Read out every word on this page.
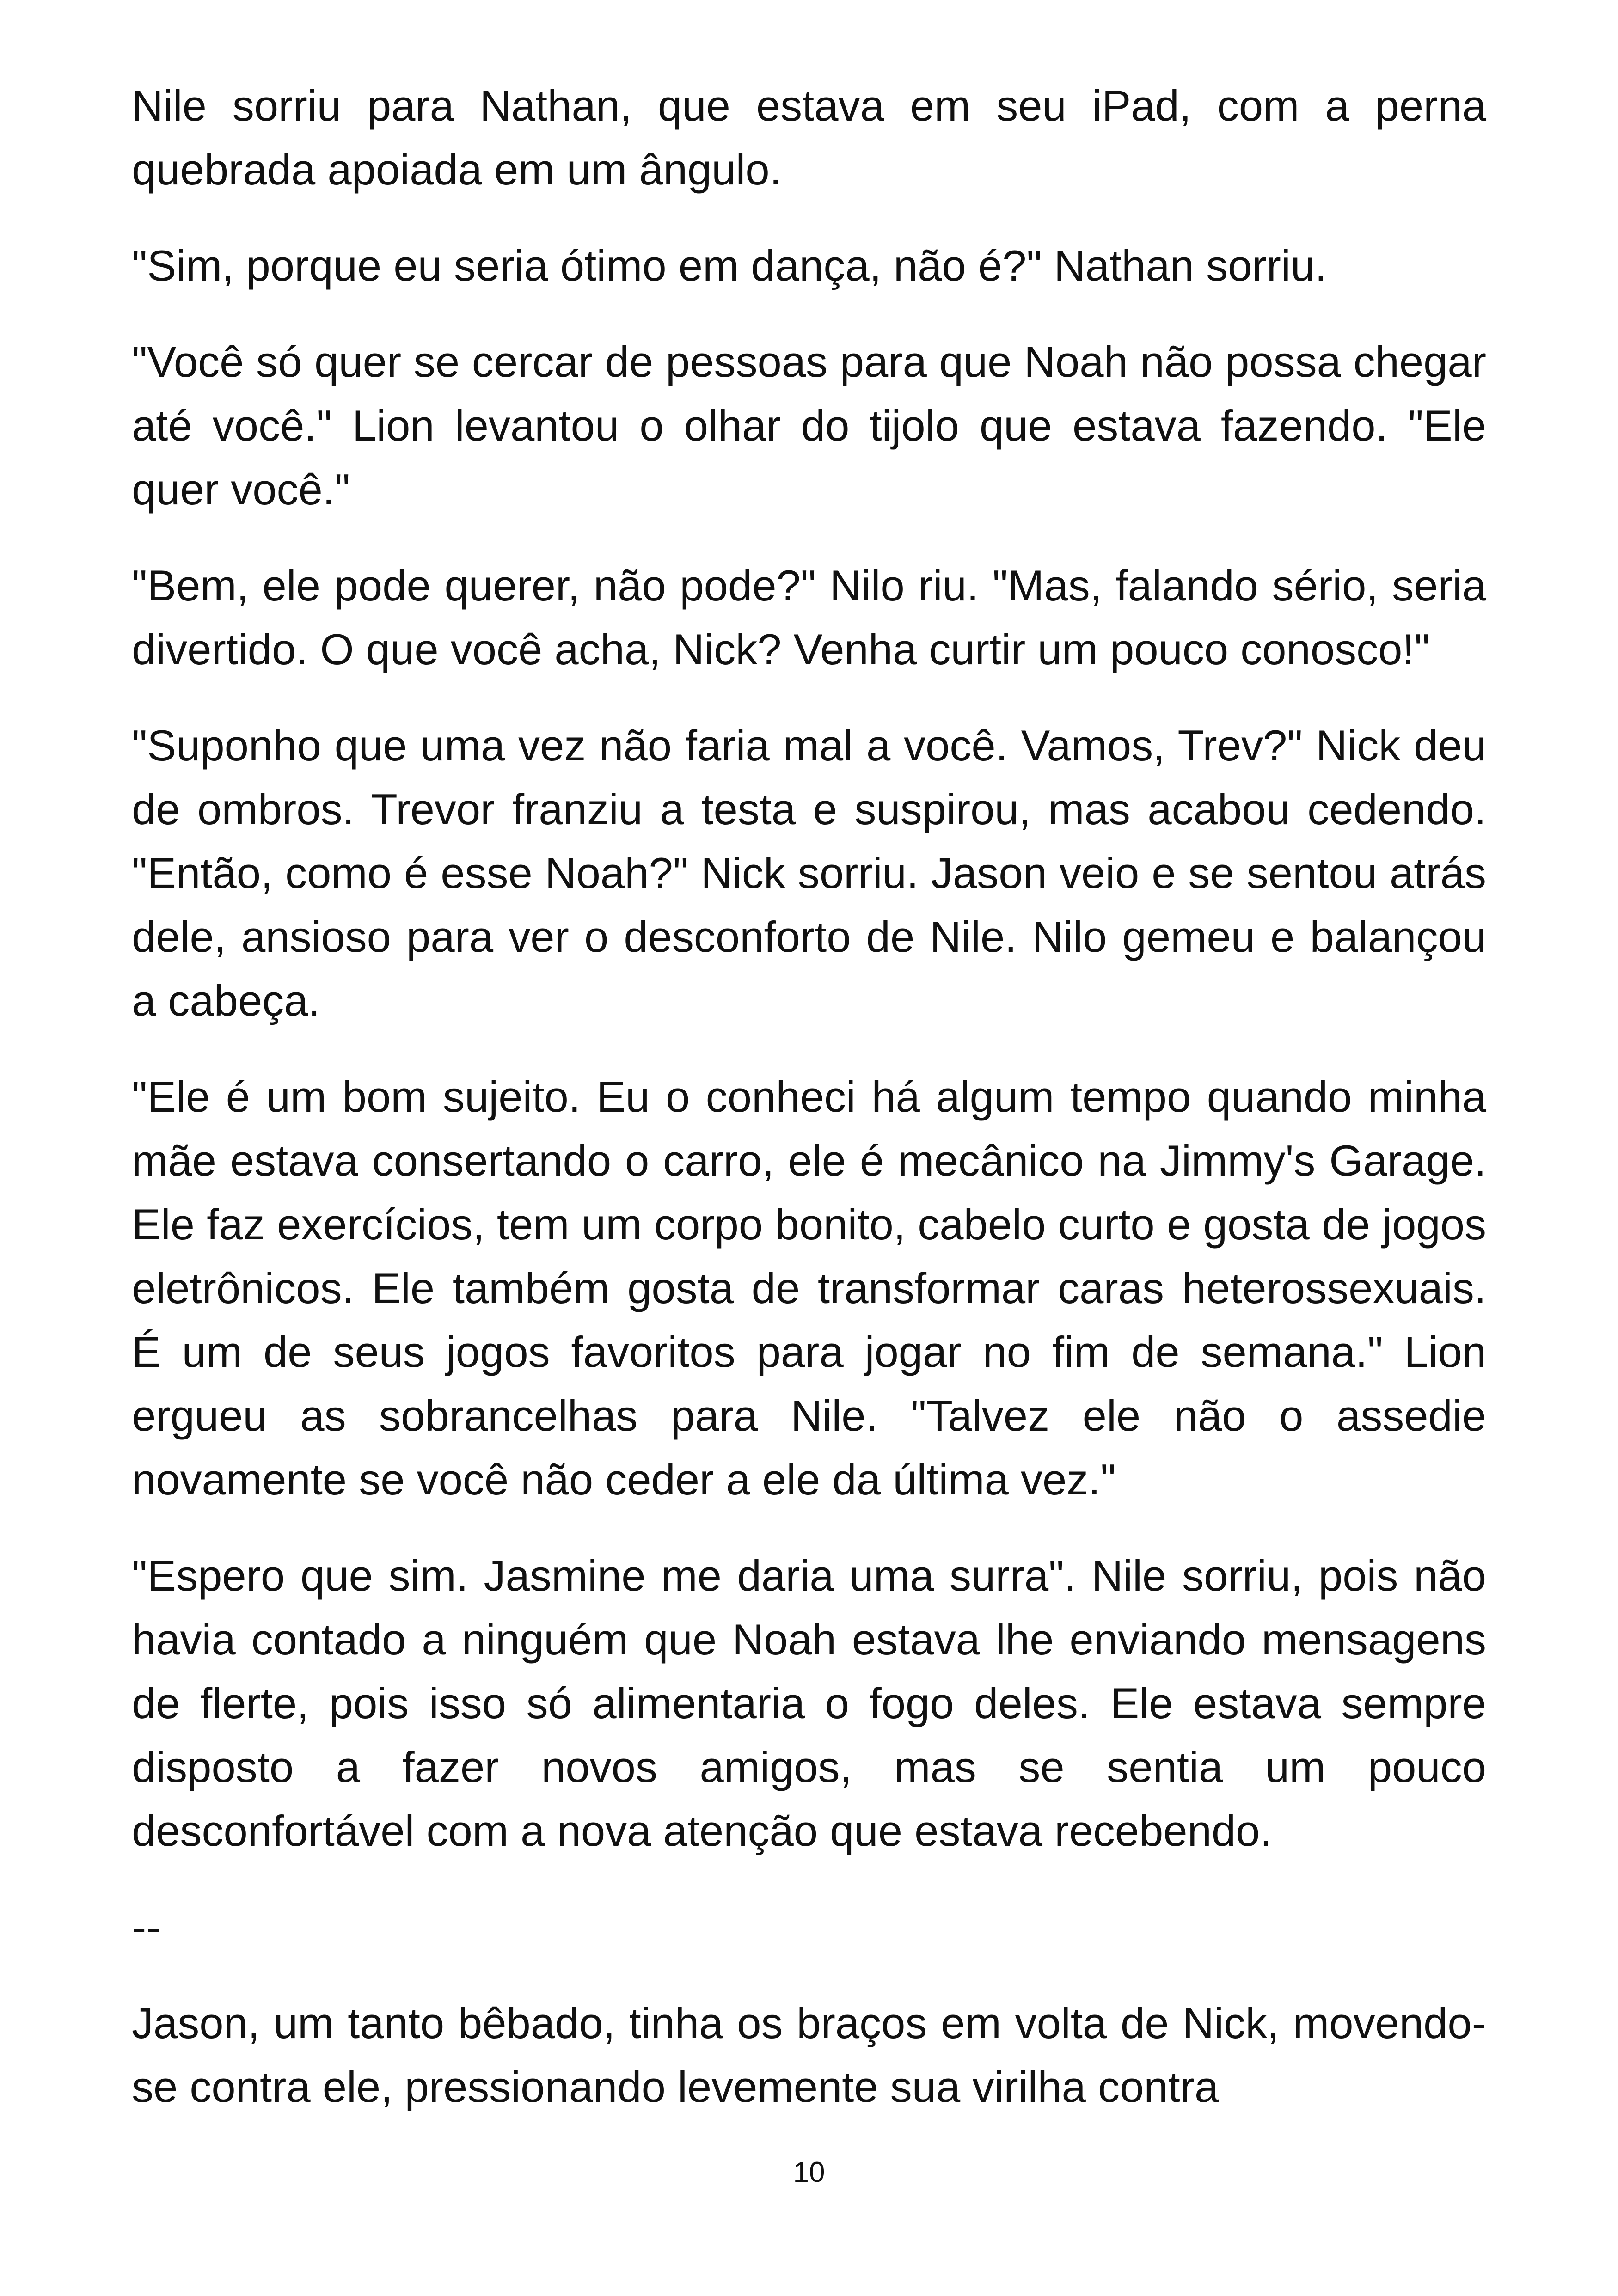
Nile sorriu para Nathan, que estava em seu iPad, com a perna quebrada apoiada em um ângulo.

"Sim, porque eu seria ótimo em dança, não é?" Nathan sorriu.

"Você só quer se cercar de pessoas para que Noah não possa chegar até você." Lion levantou o olhar do tijolo que estava fazendo. "Ele quer você."

"Bem, ele pode querer, não pode?" Nilo riu. "Mas, falando sério, seria divertido. O que você acha, Nick? Venha curtir um pouco conosco!"

"Suponho que uma vez não faria mal a você. Vamos, Trev?" Nick deu de ombros. Trevor franziu a testa e suspirou, mas acabou cedendo. "Então, como é esse Noah?" Nick sorriu. Jason veio e se sentou atrás dele, ansioso para ver o desconforto de Nile. Nilo gemeu e balançou a cabeça.

"Ele é um bom sujeito. Eu o conheci há algum tempo quando minha mãe estava consertando o carro, ele é mecânico na Jimmy's Garage. Ele faz exercícios, tem um corpo bonito, cabelo curto e gosta de jogos eletrônicos. Ele também gosta de transformar caras heterossexuais. É um de seus jogos favoritos para jogar no fim de semana." Lion ergueu as sobrancelhas para Nile. "Talvez ele não o assedie novamente se você não ceder a ele da última vez."

"Espero que sim. Jasmine me daria uma surra". Nile sorriu, pois não havia contado a ninguém que Noah estava lhe enviando mensagens de flerte, pois isso só alimentaria o fogo deles. Ele estava sempre disposto a fazer novos amigos, mas se sentia um pouco desconfortável com a nova atenção que estava recebendo.

--

Jason, um tanto bêbado, tinha os braços em volta de Nick, movendo-se contra ele, pressionando levemente sua virilha contra

10
